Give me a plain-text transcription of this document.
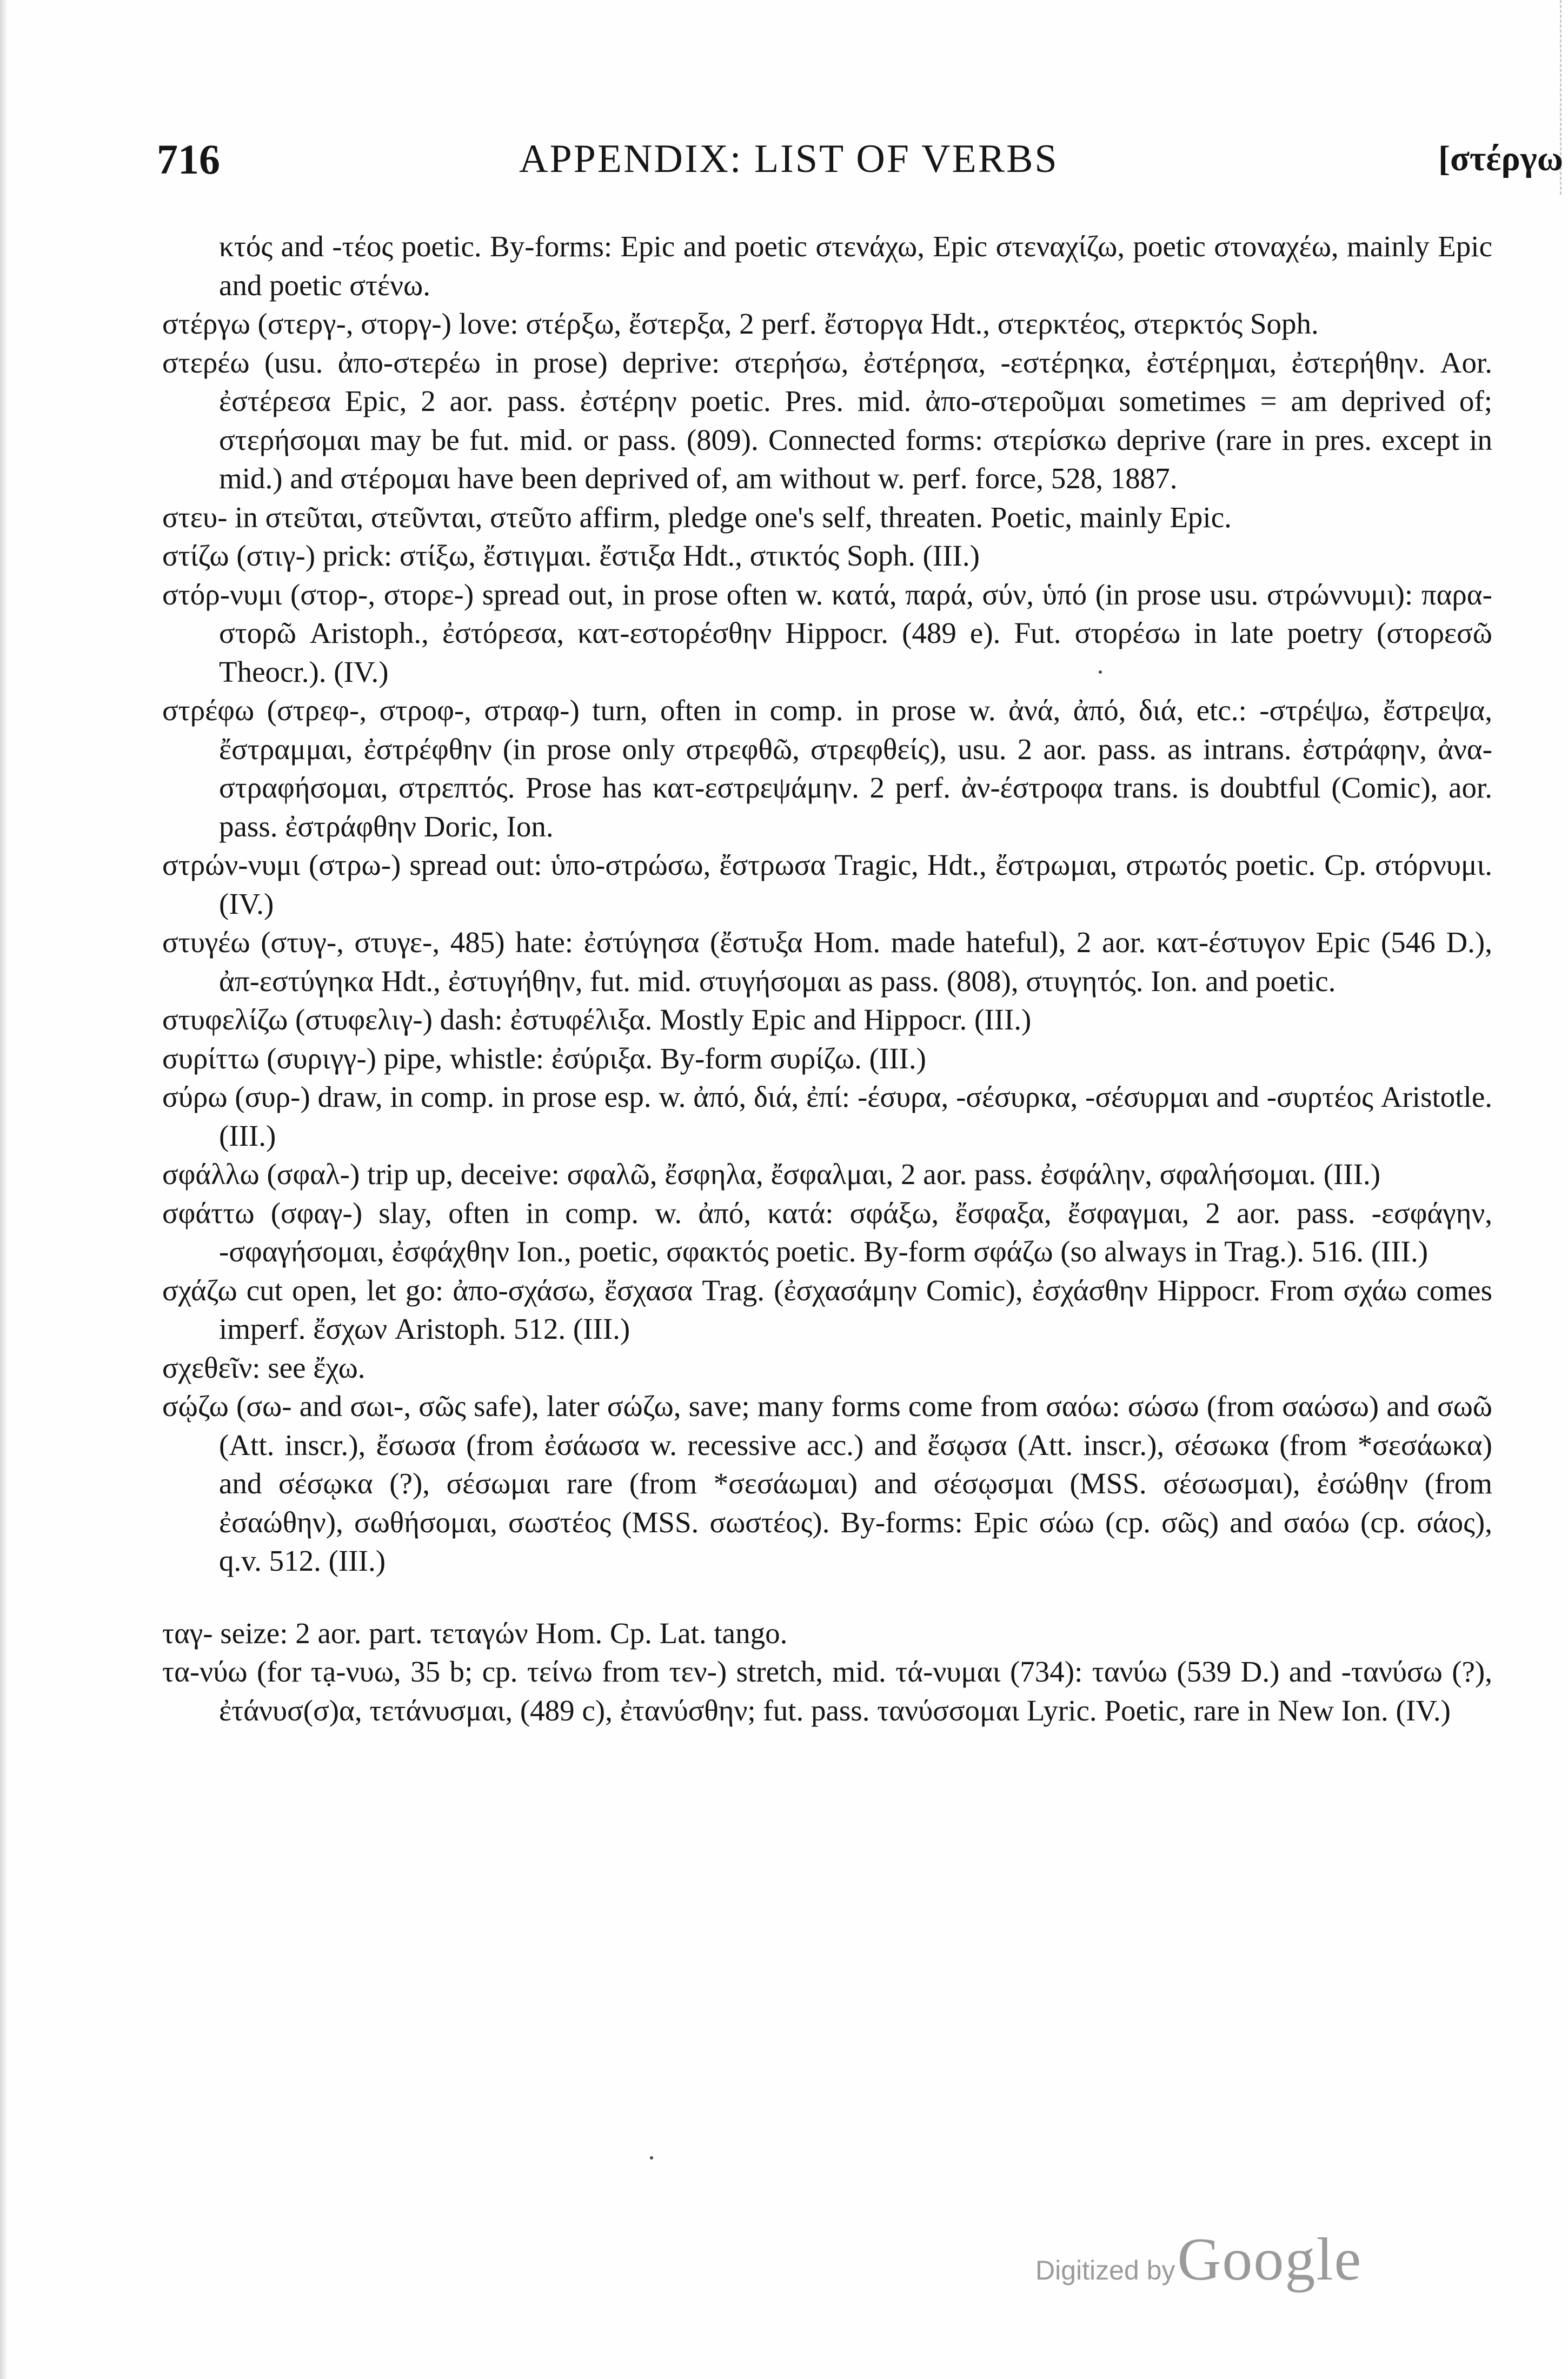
716	APPENDIX: LIST OF VERBS	[στέργω

κτός and -τέος poetic. By-forms: Epic and poetic στενάχω, Epic στεναχίζω, poetic στοναχέω, mainly Epic and poetic στένω.

στέργω (στεργ-, στοργ-) love: στέρξω, ἔστερξα, 2 perf. ἔστοργα Hdt., στερκτέος, στερκτός Soph.

στερέω (usu. ἀπο-στερέω in prose) deprive: στερήσω, ἐστέρησα, -εστέρηκα, ἐστέρημαι, ἐστερήθην. Aor. ἐστέρεσα Epic, 2 aor. pass. ἐστέρην poetic. Pres. mid. ἀπο-στεροῦμαι sometimes = am deprived of; στερήσομαι may be fut. mid. or pass. (809). Connected forms: στερίσκω deprive (rare in pres. except in mid.) and στέρομαι have been deprived of, am without w. perf. force, 528, 1887.

στευ- in στεῦται, στεῦνται, στεῦτο affirm, pledge one's self, threaten. Poetic, mainly Epic.

στίζω (στιγ-) prick: στίξω, ἔστιγμαι. ἔστιξα Hdt., στικτός Soph. (III.)

στόρ-νυμι (στορ-, στορε-) spread out, in prose often w. κατά, παρά, σύν, ὑπό (in prose usu. στρώννυμι): παρα-στορῶ Aristoph., ἐστόρεσα, κατ-εστορέσθην Hippocr. (489 e). Fut. στορέσω in late poetry (στορεσῶ Theocr.). (IV.)

στρέφω (στρεφ-, στροφ-, στραφ-) turn, often in comp. in prose w. ἀνά, ἀπό, διά, etc.: -στρέψω, ἔστρεψα, ἔστραμμαι, ἐστρέφθην (in prose only στρεφθῶ, στρεφθείς), usu. 2 aor. pass. as intrans. ἐστράφην, ἀνα-στραφήσομαι, στρεπτός. Prose has κατ-εστρεψάμην. 2 perf. ἀν-έστροφα trans. is doubtful (Comic), aor. pass. ἐστράφθην Doric, Ion.

στρών-νυμι (στρω-) spread out: ὑπο-στρώσω, ἔστρωσα Tragic, Hdt., ἔστρωμαι, στρωτός poetic. Cp. στόρνυμι. (IV.)

στυγέω (στυγ-, στυγε-, 485) hate: ἐστύγησα (ἔστυξα Hom. made hateful), 2 aor. κατ-έστυγον Epic (546 D.), ἀπ-εστύγηκα Hdt., ἐστυγήθην, fut. mid. στυγήσομαι as pass. (808), στυγητός. Ion. and poetic.

στυφελίζω (στυφελιγ-) dash: ἐστυφέλιξα. Mostly Epic and Hippocr. (III.)

συρίττω (συριγγ-) pipe, whistle: ἐσύριξα. By-form συρίζω. (III.)

σύρω (συρ-) draw, in comp. in prose esp. w. ἀπό, διά, ἐπί: -έσυρα, -σέσυρκα, -σέσυρμαι and -συρτέος Aristotle. (III.)

σφάλλω (σφαλ-) trip up, deceive: σφαλῶ, ἔσφηλα, ἔσφαλμαι, 2 aor. pass. ἐσφάλην, σφαλήσομαι. (III.)

σφάττω (σφαγ-) slay, often in comp. w. ἀπό, κατά: σφάξω, ἔσφαξα, ἔσφαγμαι, 2 aor. pass. -εσφάγην, -σφαγήσομαι, ἐσφάχθην Ion., poetic, σφακτός poetic. By-form σφάζω (so always in Trag.). 516. (III.)

σχάζω cut open, let go: ἀπο-σχάσω, ἔσχασα Trag. (ἐσχασάμην Comic), ἐσχάσθην Hippocr. From σχάω comes imperf. ἔσχων Aristoph. 512. (III.)

σχεθεῖν: see ἔχω.

σῴζω (σω- and σωι-, σῶς safe), later σώζω, save; many forms come from σαόω: σώσω (from σαώσω) and σωῶ (Att. inscr.), ἔσωσα (from ἐσάωσα w. recessive acc.) and ἔσῳσα (Att. inscr.), σέσωκα (from *σεσάωκα) and σέσῳκα (?), σέσωμαι rare (from *σεσάωμαι) and σέσῳσμαι (MSS. σέσωσμαι), ἐσώθην (from ἐσαώθην), σωθήσομαι, σωστέος (MSS. σωστέος). By-forms: Epic σώω (cp. σῶς) and σαόω (cp. σάος), q.v. 512. (III.)

ταγ- seize: 2 aor. part. τεταγών Hom. Cp. Lat. tango.

τα-νύω (for τạ-νυω, 35 b; cp. τείνω from τεν-) stretch, mid. τά-νυμαι (734): τανύω (539 D.) and -τανύσω (?), ἐτάνυσ(σ)α, τετάνυσμαι, (489 c), ἐτανύσθην; fut. pass. τανύσσομαι Lyric. Poetic, rare in New Ion. (IV.)

Digitized by Google
